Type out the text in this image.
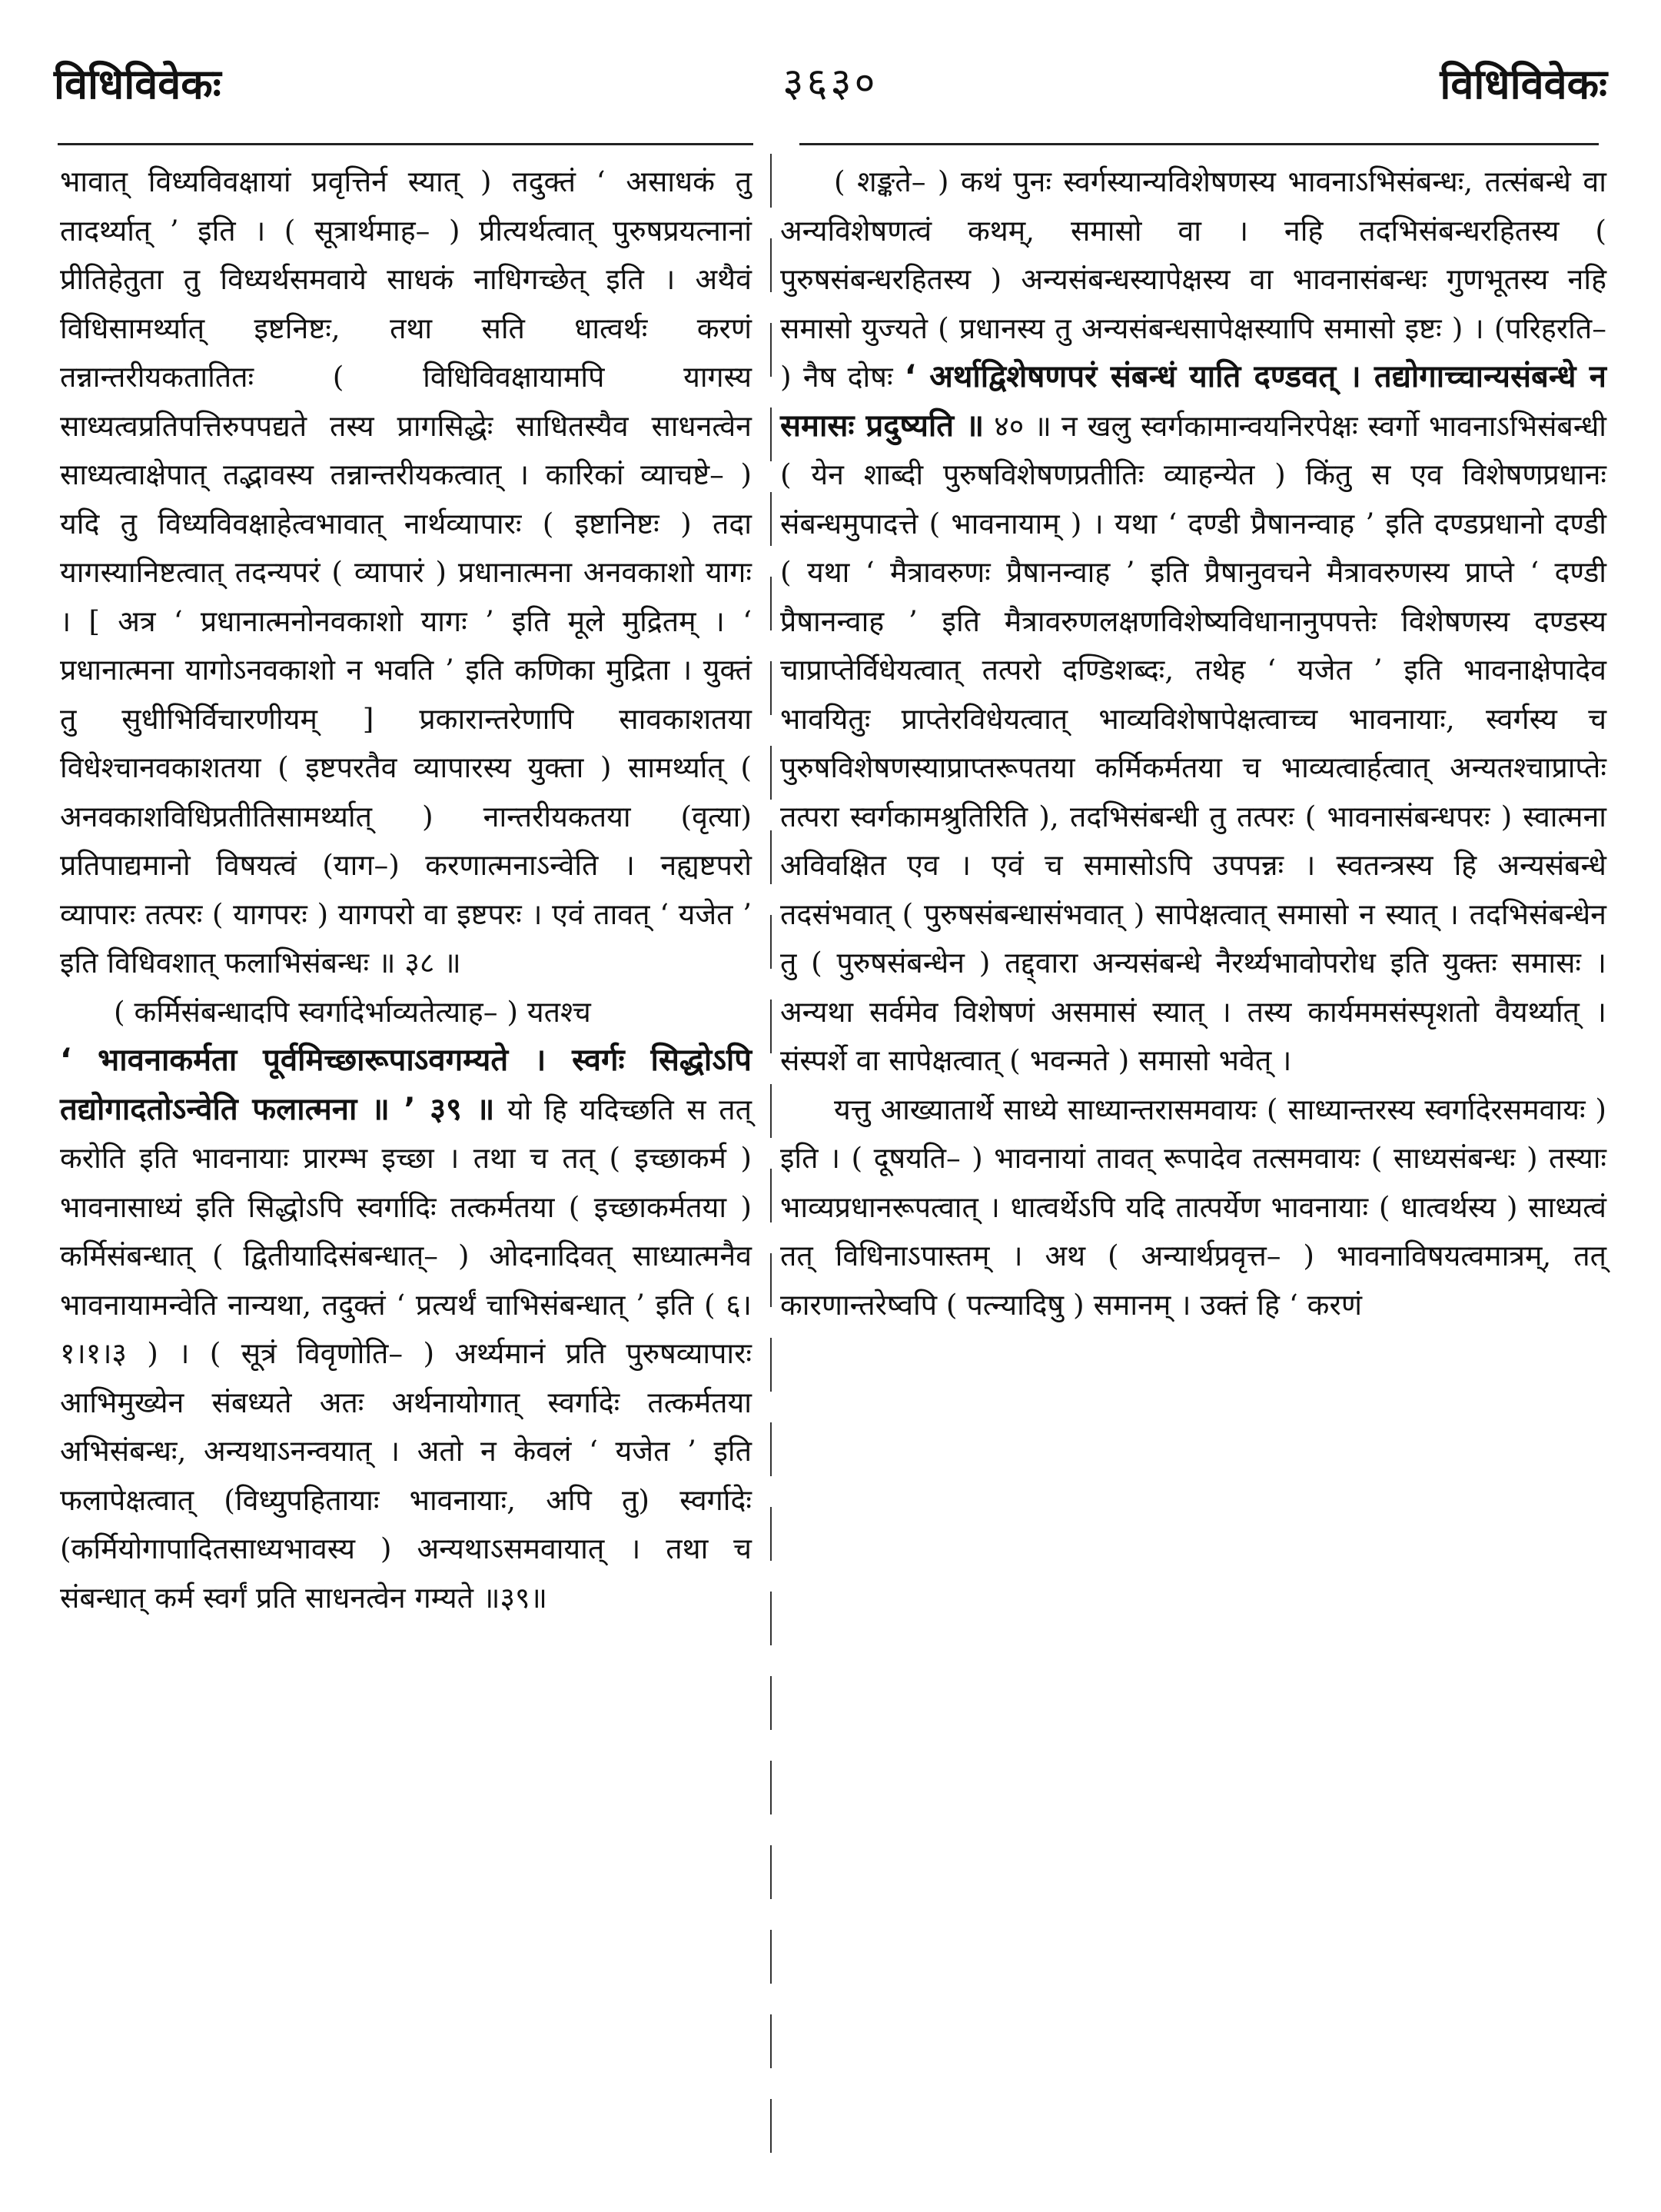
विधिविवेकः	३६३०	विधिविवेकः

भावात् विध्यविवक्षायां प्रवृत्तिर्न स्यात् ) तदुक्तं ‘ असाधकं तु तादर्थ्यात् ’ इति । ( सूत्रार्थमाह– ) प्रीत्यर्थत्वात् पुरुषप्रयत्नानां प्रीतिहेतुता तु विध्यर्थसमवाये साधकं नाधिगच्छेत् इति । अथैवं विधिसामर्थ्यात् इष्टनिष्टः, तथा सति धात्वर्थः करणं तन्नान्तरीयकतातितः ( विधिविवक्षायामपि यागस्य साध्यत्वप्रतिपत्तिरुपपद्यते तस्य प्रागसिद्धेः साधितस्यैव साधनत्वेन साध्यत्वाक्षेपात् तद्भावस्य तन्नान्तरीयकत्वात् । कारिकां व्याचष्टे– ) यदि तु विध्यविवक्षाहेत्वभावात् नार्थव्यापारः ( इष्टानिष्टः ) तदा यागस्यानिष्टत्वात् तदन्यपरं ( व्यापारं ) प्रधानात्मना अनवकाशो यागः । [ अत्र ‘ प्रधानात्मनोनवकाशो यागः ’ इति मूले मुद्रितम् । ‘ प्रधानात्मना यागोऽनवकाशो न भवति ’ इति कणिका मुद्रिता । युक्तं तु सुधीभिर्विचारणीयम् ] प्रकारान्तरेणापि सावकाशतया विधेश्चानवकाशतया ( इष्टपरतैव व्यापारस्य युक्ता ) सामर्थ्यात् ( अनवकाशविधिप्रतीतिसामर्थ्यात् ) नान्तरीयकतया (वृत्या) प्रतिपाद्यमानो विषयत्वं (याग–) करणात्मनाऽन्वेति । नह्यष्टपरो व्यापारः तत्परः ( यागपरः ) यागपरो वा इष्टपरः । एवं तावत् ‘ यजेत ’ इति विधिवशात् फलाभिसंबन्धः ॥ ३८ ॥

( कर्मिसंबन्धादपि स्वर्गादेर्भाव्यतेत्याह– ) यतश्च

‘ भावनाकर्मता पूर्वमिच्छारूपाऽवगम्यते । स्वर्गः सिद्धोऽपि तद्योगादतोऽन्वेति फलात्मना ॥ ’ ३९ ॥ यो हि यदिच्छति स तत् करोति इति भावनायाः प्रारम्भ इच्छा । तथा च तत् ( इच्छाकर्म ) भावनासाध्यं इति सिद्धोऽपि स्वर्गादिः तत्कर्मतया ( इच्छाकर्मतया ) कर्मिसंबन्धात् ( द्वितीयादिसंबन्धात्– ) ओदनादिवत् साध्यात्मनैव भावनायामन्वेति नान्यथा, तदुक्तं ‘ प्रत्यर्थं चाभिसंबन्धात् ’ इति ( ६।१।१।३ ) । ( सूत्रं विवृणोति– ) अर्थ्यमानं प्रति पुरुषव्यापारः आभिमुख्येन संबध्यते अतः अर्थनायोगात् स्वर्गादेः तत्कर्मतया अभिसंबन्धः, अन्यथाऽनन्वयात् । अतो न केवलं ‘ यजेत ’ इति फलापेक्षत्वात् (विध्युपहितायाः भावनायाः, अपि तु) स्वर्गादेः (कर्मियोगापादितसाध्यभावस्य ) अन्यथाऽसमवायात् । तथा च संबन्धात् कर्म स्वर्गं प्रति साधनत्वेन गम्यते ॥३९॥

( शङ्कते– ) कथं पुनः स्वर्गस्यान्यविशेषणस्य भावनाऽभिसंबन्धः, तत्संबन्धे वा अन्यविशेषणत्वं कथम्, समासो वा । नहि तदभिसंबन्धरहितस्य ( पुरुषसंबन्धरहितस्य ) अन्यसंबन्धस्यापेक्षस्य वा भावनासंबन्धः गुणभूतस्य नहि समासो युज्यते ( प्रधानस्य तु अन्यसंबन्धसापेक्षस्यापि समासो इष्टः ) । (परिहरति– ) नैष दोषः ‘ अर्थाद्विशेषणपरं संबन्धं याति दण्डवत् । तद्योगाच्चान्यसंबन्धे न समासः प्रदुष्यति ॥ ४० ॥ न खलु स्वर्गकामान्वयनिरपेक्षः स्वर्गो भावनाऽभिसंबन्धी ( येन शाब्दी पुरुषविशेषणप्रतीतिः व्याहन्येत ) किंतु स एव विशेषणप्रधानः संबन्धमुपादत्ते ( भावनायाम् ) । यथा ‘ दण्डी प्रैषानन्वाह ’ इति दण्डप्रधानो दण्डी ( यथा ‘ मैत्रावरुणः प्रैषानन्वाह ’ इति प्रैषानुवचने मैत्रावरुणस्य प्राप्ते ‘ दण्डी प्रैषानन्वाह ’ इति मैत्रावरुणलक्षणविशेष्यविधानानुपपत्तेः विशेषणस्य दण्डस्य चाप्राप्तेर्विधेयत्वात् तत्परो दण्डिशब्दः, तथेह ‘ यजेत ’ इति भावनाक्षेपादेव भावयितुः प्राप्तेरविधेयत्वात् भाव्यविशेषापेक्षत्वाच्च भावनायाः, स्वर्गस्य च पुरुषविशेषणस्याप्राप्तरूपतया कर्मिकर्मतया च भाव्यत्वार्हत्वात् अन्यतश्चाप्राप्तेः तत्परा स्वर्गकामश्रुतिरिति ), तदभिसंबन्धी तु तत्परः ( भावनासंबन्धपरः ) स्वात्मना अविवक्षित एव । एवं च समासोऽपि उपपन्नः । स्वतन्त्रस्य हि अन्यसंबन्धे तदसंभवात् ( पुरुषसंबन्धासंभवात् ) सापेक्षत्वात् समासो न स्यात् । तदभिसंबन्धेन तु ( पुरुषसंबन्धेन ) तद्द्वारा अन्यसंबन्धे नैरर्थ्यभावोपरोध इति युक्तः समासः । अन्यथा सर्वमेव विशेषणं असमासं स्यात् । तस्य कार्यममसंस्पृशतो वैयर्थ्यात् । संस्पर्शे वा सापेक्षत्वात् ( भवन्मते ) समासो भवेत् ।

यत्तु आख्यातार्थे साध्ये साध्यान्तरासमवायः ( साध्यान्तरस्य स्वर्गादेरसमवायः ) इति । ( दूषयति– ) भावनायां तावत् रूपादेव तत्समवायः ( साध्यसंबन्धः ) तस्याः भाव्यप्रधानरूपत्वात् । धात्वर्थेऽपि यदि तात्पर्येण भावनायाः ( धात्वर्थस्य ) साध्यत्वं तत् विधिनाऽपास्तम् । अथ ( अन्यार्थप्रवृत्त– ) भावनाविषयत्वमात्रम्, तत् कारणान्तरेष्वपि ( पत्न्यादिषु ) समानम् । उक्तं हि ‘ करणं
